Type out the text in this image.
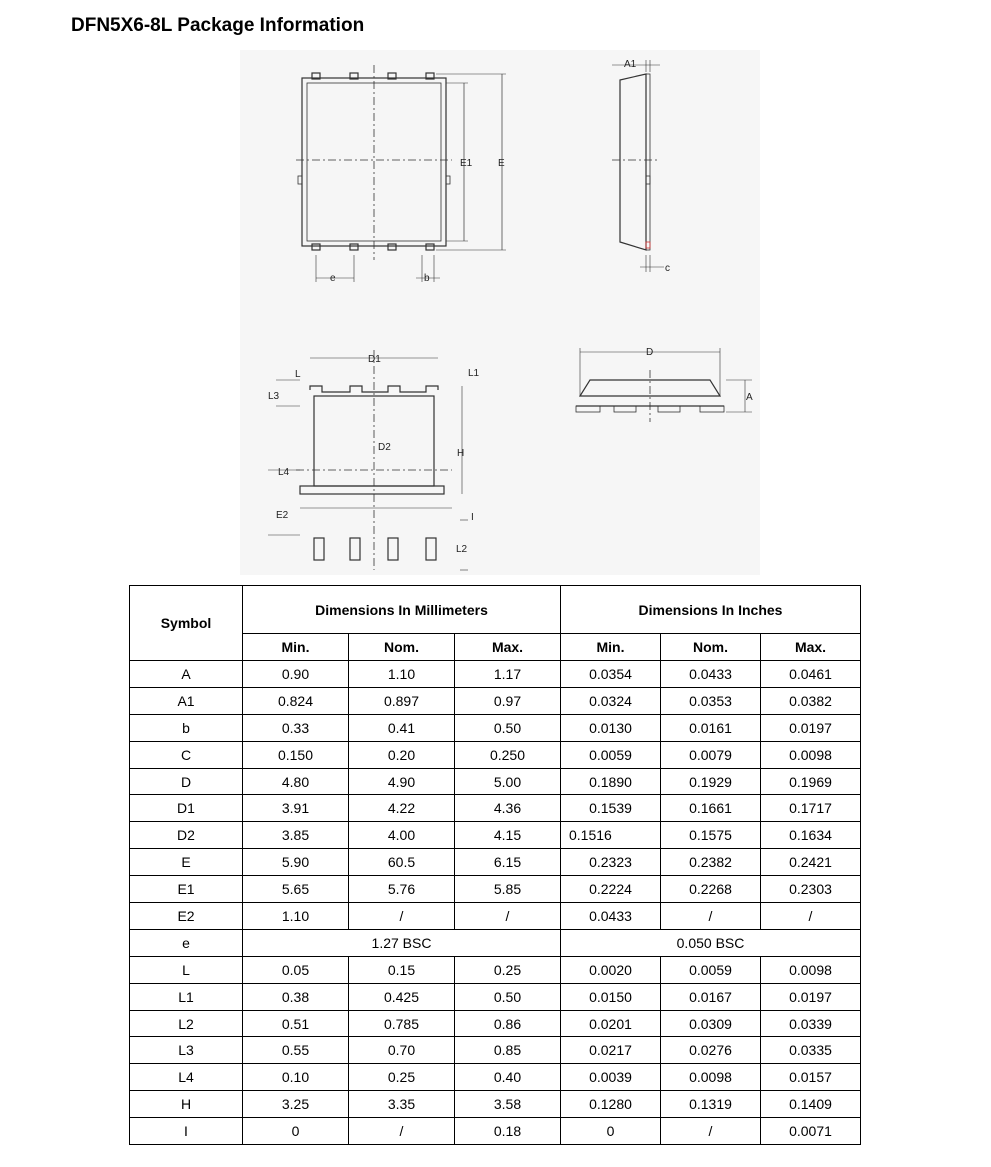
DFN5X6-8L Package Information
A1
E1	E
e	b
c
D1
L	L1
L3
D2
H
L4
E2	I
L2
D
A
Symbol	Dimensions In Millimeters			Dimensions In Inches		
	Min.	Nom.	Max.	Min.	Nom.	Max.
A	0.90	1.10	1.17	0.0354	0.0433	0.0461
A1	0.824	0.897	0.97	0.0324	0.0353	0.0382
b	0.33	0.41	0.50	0.0130	0.0161	0.0197
C	0.150	0.20	0.250	0.0059	0.0079	0.0098
D	4.80	4.90	5.00	0.1890	0.1929	0.1969
D1	3.91	4.22	4.36	0.1539	0.1661	0.1717
D2	3.85	4.00	4.15	0.1516	0.1575	0.1634
E	5.90	60.5	6.15	0.2323	0.2382	0.2421
E1	5.65	5.76	5.85	0.2224	0.2268	0.2303
E2	1.10	/	/	0.0433	/	/
e	1.27 BSC			0.050 BSC		
L	0.05	0.15	0.25	0.0020	0.0059	0.0098
L1	0.38	0.425	0.50	0.0150	0.0167	0.0197
L2	0.51	0.785	0.86	0.0201	0.0309	0.0339
L3	0.55	0.70	0.85	0.0217	0.0276	0.0335
L4	0.10	0.25	0.40	0.0039	0.0098	0.0157
H	3.25	3.35	3.58	0.1280	0.1319	0.1409
I	0	/	0.18	0	/	0.0071
